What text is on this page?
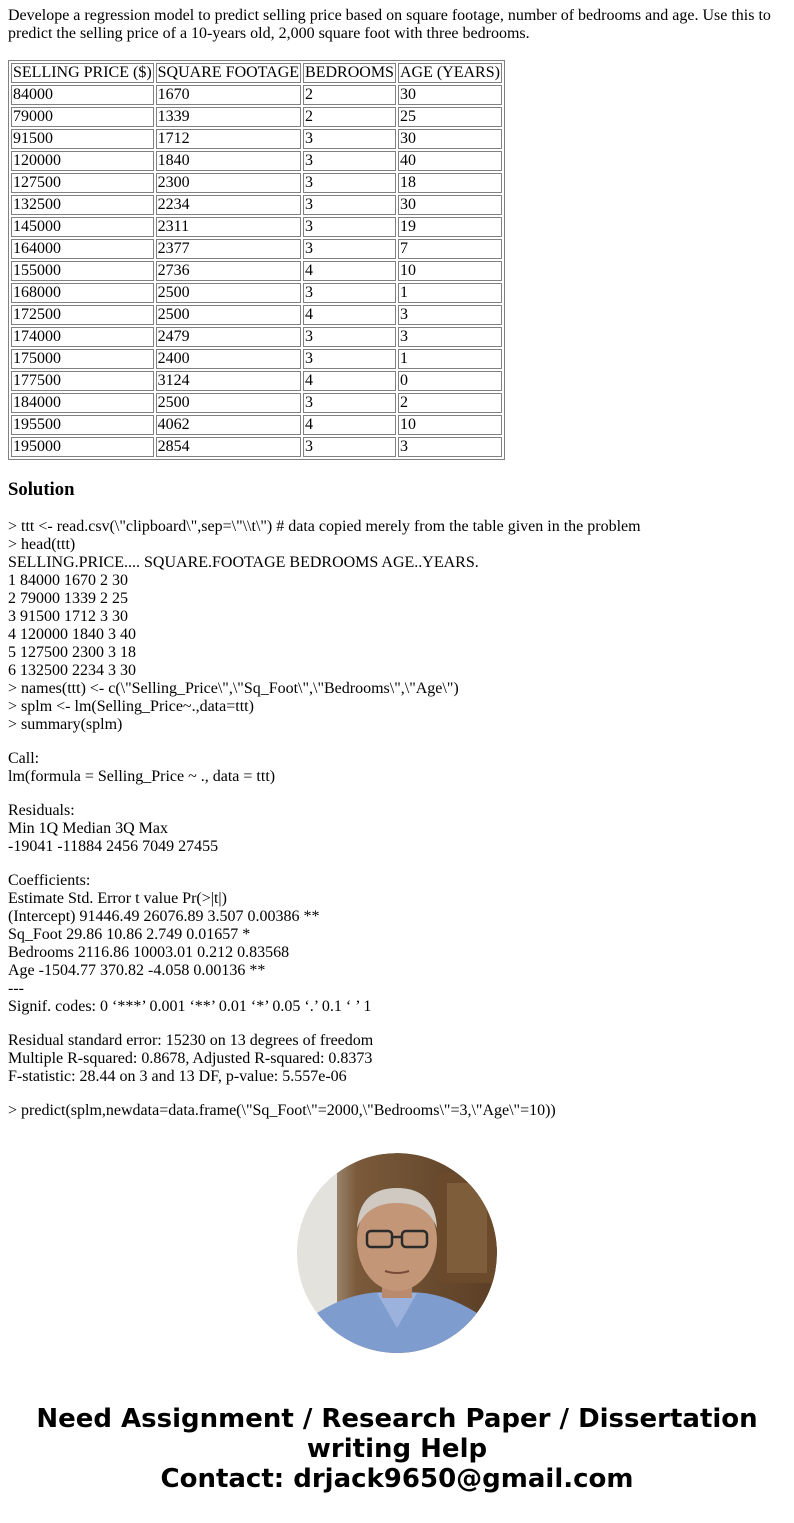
Develope a regression model to predict selling price based on square footage, number of bedrooms and age. Use this to predict the selling price of a 10-years old, 2,000 square foot with three bedrooms.

SELLING PRICE ($)	SQUARE FOOTAGE	BEDROOMS	AGE (YEARS)
84000	1670	2	30
79000	1339	2	25
91500	1712	3	30
120000	1840	3	40
127500	2300	3	18
132500	2234	3	30
145000	2311	3	19
164000	2377	3	7
155000	2736	4	10
168000	2500	3	1
172500	2500	4	3
174000	2479	3	3
175000	2400	3	1
177500	3124	4	0
184000	2500	3	2
195500	4062	4	10
195000	2854	3	3
Solution
> ttt <- read.csv(\"clipboard\",sep=\"\\t\") # data copied merely from the table given in the problem
> head(ttt)
SELLING.PRICE.... SQUARE.FOOTAGE BEDROOMS AGE..YEARS.
1 84000 1670 2 30
2 79000 1339 2 25
3 91500 1712 3 30
4 120000 1840 3 40
5 127500 2300 3 18
6 132500 2234 3 30
> names(ttt) <- c(\"Selling_Price\",\"Sq_Foot\",\"Bedrooms\",\"Age\")
> splm <- lm(Selling_Price~.,data=ttt)
> summary(splm)
Call:
lm(formula = Selling_Price ~ ., data = ttt)
Residuals:
Min 1Q Median 3Q Max
-19041 -11884 2456 7049 27455
Coefficients:
Estimate Std. Error t value Pr(>|t|)
(Intercept) 91446.49 26076.89 3.507 0.00386 **
Sq_Foot 29.86 10.86 2.749 0.01657 *
Bedrooms 2116.86 10003.01 0.212 0.83568
Age -1504.77 370.82 -4.058 0.00136 **
---
Signif. codes: 0 ‘***’ 0.001 ‘**’ 0.01 ‘*’ 0.05 ‘.’ 0.1 ‘ ’ 1
Residual standard error: 15230 on 13 degrees of freedom
Multiple R-squared: 0.8678, Adjusted R-squared: 0.8373
F-statistic: 28.44 on 3 and 13 DF, p-value: 5.557e-06
> predict(splm,newdata=data.frame(\"Sq_Foot\"=2000,\"Bedrooms\"=3,\"Age\"=10))
Need Assignment / Research Paper / Dissertation
writing Help
Contact: drjack9650@gmail.com
